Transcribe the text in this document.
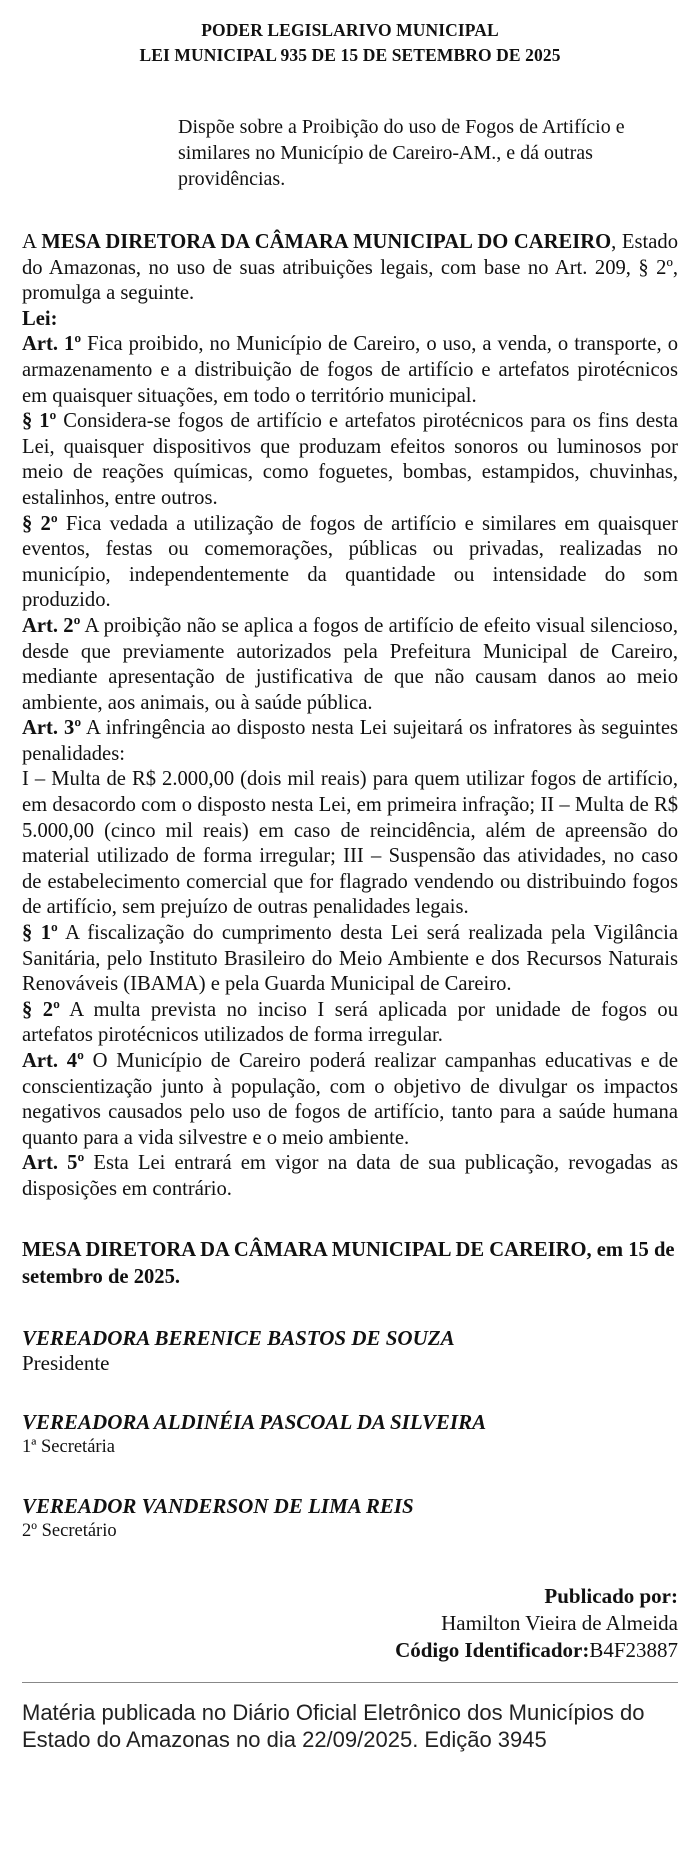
PODER LEGISLARIVO MUNICIPAL
LEI MUNICIPAL 935 DE 15 DE SETEMBRO DE 2025
Dispõe sobre a Proibição do uso de Fogos de Artifício e similares no Município de Careiro-AM., e dá outras providências.

A MESA DIRETORA DA CÂMARA MUNICIPAL DO CAREIRO, Estado do Amazonas, no uso de suas atribuições legais, com base no Art. 209, § 2º, promulga a seguinte.

Lei:

Art. 1º Fica proibido, no Município de Careiro, o uso, a venda, o transporte, o armazenamento e a distribuição de fogos de artifício e artefatos pirotécnicos em quaisquer situações, em todo o território municipal.

§ 1º Considera-se fogos de artifício e artefatos pirotécnicos para os fins desta Lei, quaisquer dispositivos que produzam efeitos sonoros ou luminosos por meio de reações químicas, como foguetes, bombas, estampidos, chuvinhas, estalinhos, entre outros.

§ 2º Fica vedada a utilização de fogos de artifício e similares em quaisquer eventos, festas ou comemorações, públicas ou privadas, realizadas no município, independentemente da quantidade ou intensidade do som produzido.

Art. 2º A proibição não se aplica a fogos de artifício de efeito visual silencioso, desde que previamente autorizados pela Prefeitura Municipal de Careiro, mediante apresentação de justificativa de que não causam danos ao meio ambiente, aos animais, ou à saúde pública.

Art. 3º A infringência ao disposto nesta Lei sujeitará os infratores às seguintes penalidades:

I – Multa de R$ 2.000,00 (dois mil reais) para quem utilizar fogos de artifício, em desacordo com o disposto nesta Lei, em primeira infração; II – Multa de R$ 5.000,00 (cinco mil reais) em caso de reincidência, além de apreensão do material utilizado de forma irregular; III – Suspensão das atividades, no caso de estabelecimento comercial que for flagrado vendendo ou distribuindo fogos de artifício, sem prejuízo de outras penalidades legais.

§ 1º A fiscalização do cumprimento desta Lei será realizada pela Vigilância Sanitária, pelo Instituto Brasileiro do Meio Ambiente e dos Recursos Naturais Renováveis (IBAMA) e pela Guarda Municipal de Careiro.

§ 2º A multa prevista no inciso I será aplicada por unidade de fogos ou artefatos pirotécnicos utilizados de forma irregular.

Art. 4º O Município de Careiro poderá realizar campanhas educativas e de conscientização junto à população, com o objetivo de divulgar os impactos negativos causados pelo uso de fogos de artifício, tanto para a saúde humana quanto para a vida silvestre e o meio ambiente.

Art. 5º Esta Lei entrará em vigor na data de sua publicação, revogadas as disposições em contrário.

MESA DIRETORA DA CÂMARA MUNICIPAL DE CAREIRO, em 15 de setembro de 2025.
VEREADORA BERENICE BASTOS DE SOUZA
Presidente
VEREADORA ALDINÉIA PASCOAL DA SILVEIRA
1ª Secretária
VEREADOR VANDERSON DE LIMA REIS
2º Secretário
Publicado por:
Hamilton Vieira de Almeida
Código Identificador:B4F23887
Matéria publicada no Diário Oficial Eletrônico dos Municípios do Estado do Amazonas no dia 22/09/2025. Edição 3945
